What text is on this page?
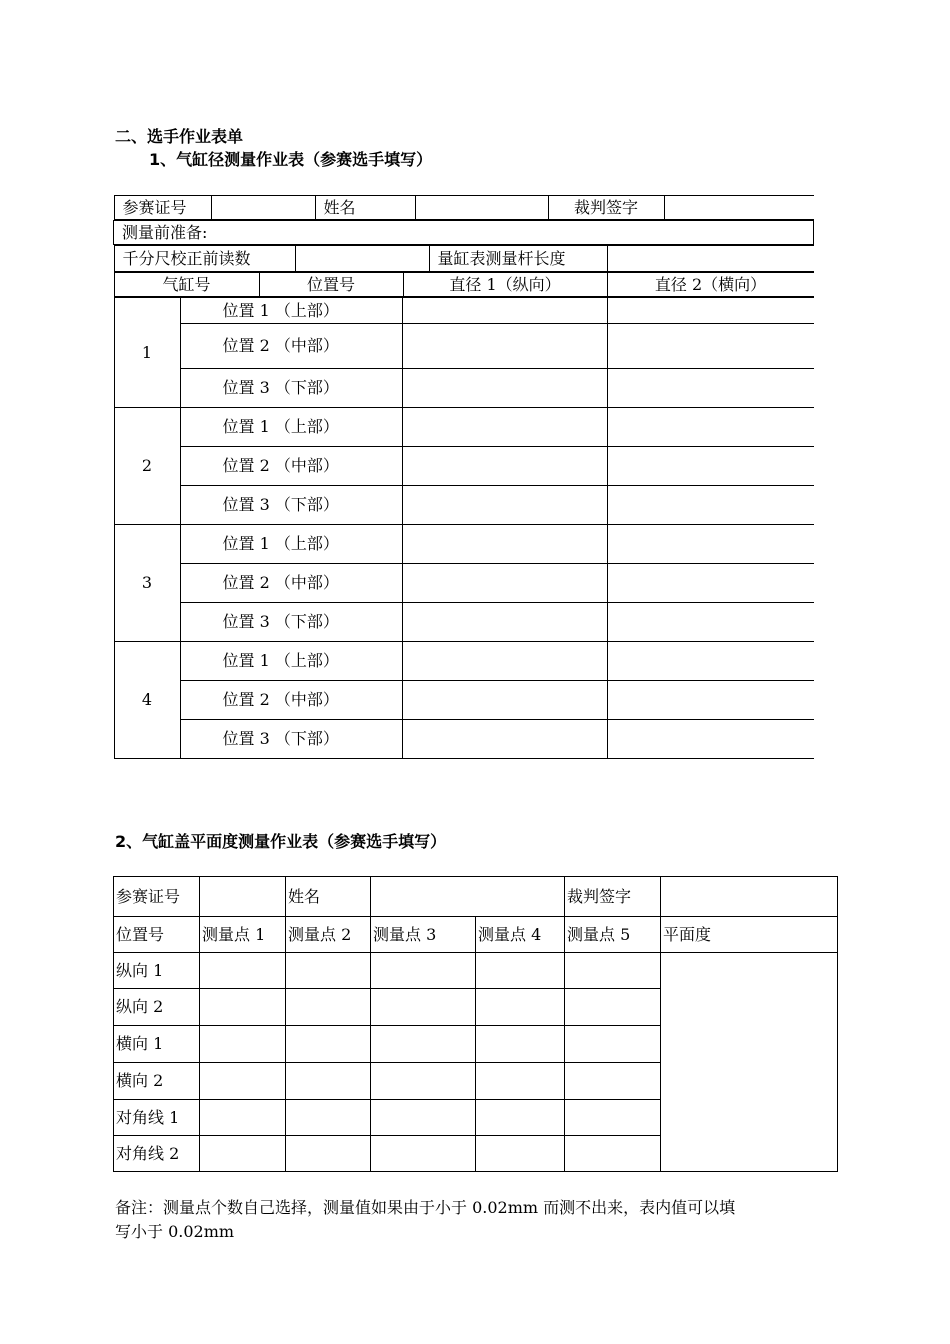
二、选手作业表单
1、气缸径测量作业表（参赛选手填写）
参赛证号		姓名		裁判签字	

测量前准备:

千分尺校正前读数		量缸表测量杆长度	

气缸号	位置号	直径 1（纵向）	直径 2（横向）

1	位置 1 （上部）		
位置 2 （中部）		
位置 3 （下部）		
2	位置 1 （上部）		
位置 2 （中部）		
位置 3 （下部）		
3	位置 1 （上部）		
位置 2 （中部）		
位置 3 （下部）		
4	位置 1 （上部）		
位置 2 （中部）		
位置 3 （下部）		
2、气缸盖平面度测量作业表（参赛选手填写）
参赛证号		姓名			裁判签字	
位置号	测量点 1	测量点 2	测量点 3	测量点 4	测量点 5	平面度
纵向 1						
纵向 2						
横向 1						
横向 2						
对角线 1						
对角线 2						
备注：测量点个数自己选择，测量值如果由于小于 0.02mm 而测不出来，表内值可以填
写小于 0.02mm
